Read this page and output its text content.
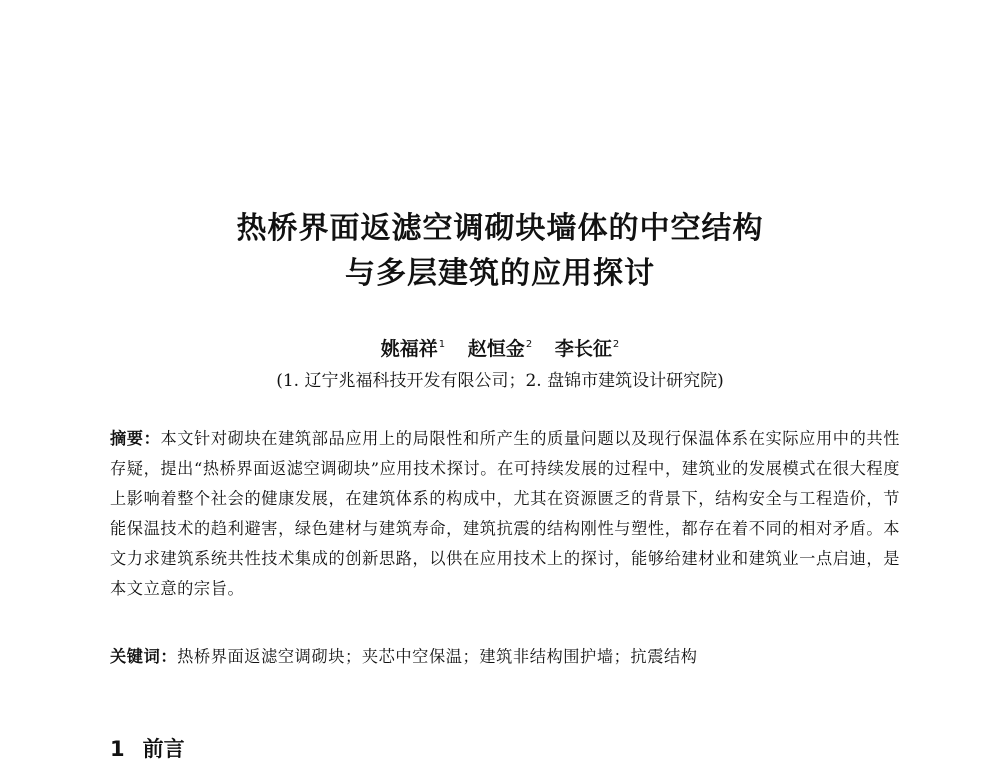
热桥界面返滤空调砌块墙体的中空结构
与多层建筑的应用探讨
姚福祥$^1$ 赵恒金$^2$ 李长征$^2$
(1. 辽宁兆福科技开发有限公司；2. 盘锦市建筑设计研究院)

摘要：本文针对砌块在建筑部品应用上的局限性和所产生的质量问题以及现行保温体系在实际应用中的共性存疑，提出“热桥界面返滤空调砌块”应用技术探讨。在可持续发展的过程中，建筑业的发展模式在很大程度上影响着整个社会的健康发展，在建筑体系的构成中，尤其在资源匮乏的背景下，结构安全与工程造价，节能保温技术的趋利避害，绿色建材与建筑寿命，建筑抗震的结构刚性与塑性，都存在着不同的相对矛盾。本文力求建筑系统共性技术集成的创新思路，以供在应用技术上的探讨，能够给建材业和建筑业一点启迪，是本文立意的宗旨。

关键词：热桥界面返滤空调砌块；夹芯中空保温；建筑非结构围护墙；抗震结构

1 前言
